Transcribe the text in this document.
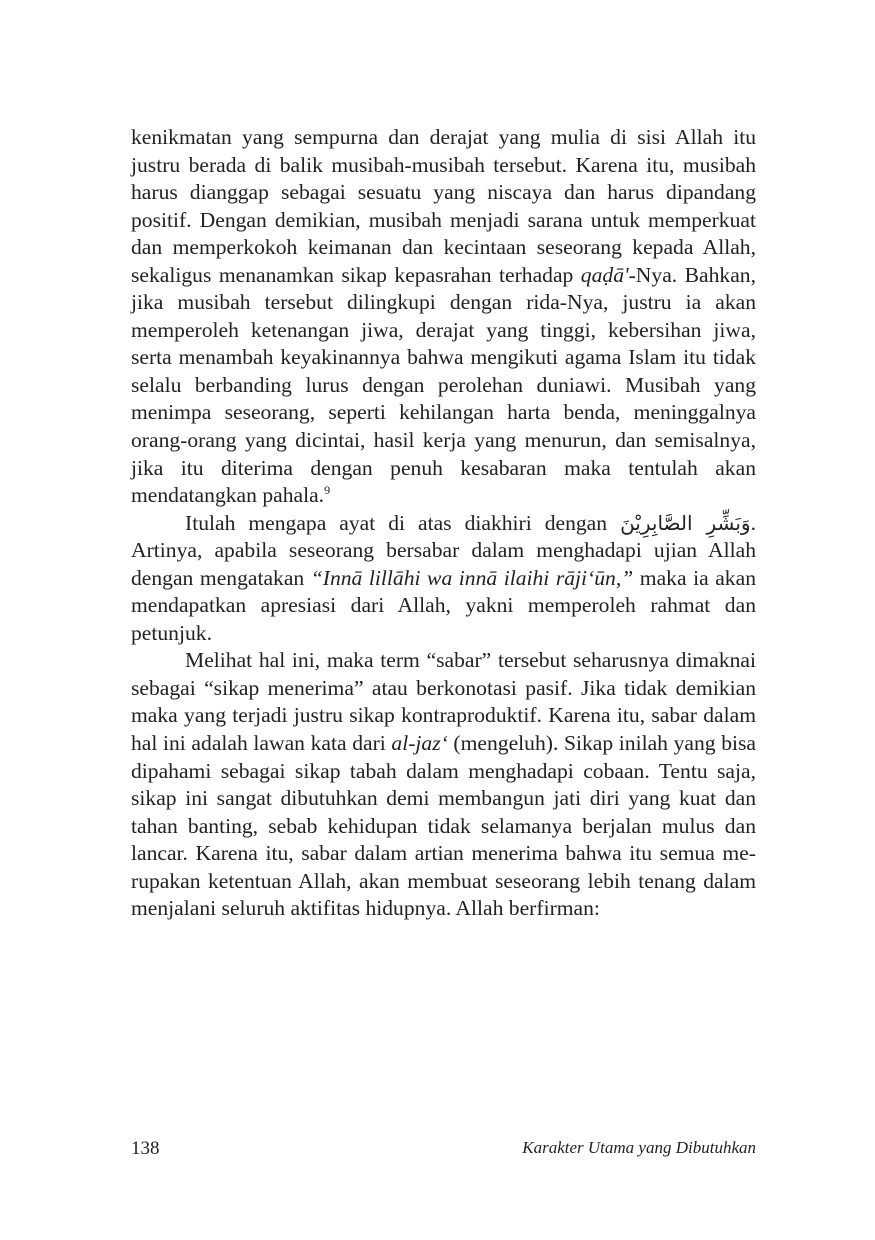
kenikmatan yang sempurna dan derajat yang mulia di sisi Allah itu justru berada di balik musibah-musibah tersebut. Karena itu, musibah harus dianggap sebagai sesuatu yang niscaya dan harus dipandang positif. Dengan demikian, musibah menjadi sarana untuk memperkuat dan memperkokoh keimanan dan kecintaan seseorang kepada Allah, sekaligus menanamkan sikap kepasrahan terhadap qaḍā'-Nya. Bahkan, jika musibah tersebut dilingkupi dengan rida-Nya, justru ia akan memperoleh ketenangan jiwa, derajat yang tinggi, kebersihan jiwa, serta menambah keyakinannya bahwa mengikuti agama Islam itu tidak selalu berbanding lurus dengan perolehan duniawi. Musibah yang menimpa seseorang, seperti kehilangan harta benda, meninggalnya orang-orang yang dicintai, hasil kerja yang menurun, dan semisalnya, jika itu diterima dengan penuh kesabaran maka tentulah akan mendatangkan pahala.$^9$

Itulah mengapa ayat di atas diakhiri dengan وَبَشِّرِ الصَّابِرِيْنَ. Artinya, apabila seseorang bersabar dalam menghadapi ujian Allah dengan mengatakan “Innā lillāhi wa innā ilaihi rāji‘ūn,” maka ia akan mendapatkan apresiasi dari Allah, yakni memperoleh rahmat dan petunjuk.

Melihat hal ini, maka term “sabar” tersebut seharusnya dimaknai sebagai “sikap menerima” atau berkonotasi pasif. Jika tidak demikian maka yang terjadi justru sikap kontraproduktif. Karena itu, sabar dalam hal ini adalah lawan kata dari al-jaz‘ (mengeluh). Sikap inilah yang bisa dipahami sebagai sikap tabah dalam menghadapi cobaan. Tentu saja, sikap ini sangat dibutuhkan demi membangun jati diri yang kuat dan tahan banting, sebab kehidupan tidak selamanya berjalan mulus dan lancar. Karena itu, sabar dalam artian menerima bahwa itu semua merupakan ketentuan Allah, akan membuat seseorang lebih tenang dalam menjalani seluruh aktifitas hidupnya. Allah berfirman:

138	Karakter Utama yang Dibutuhkan
